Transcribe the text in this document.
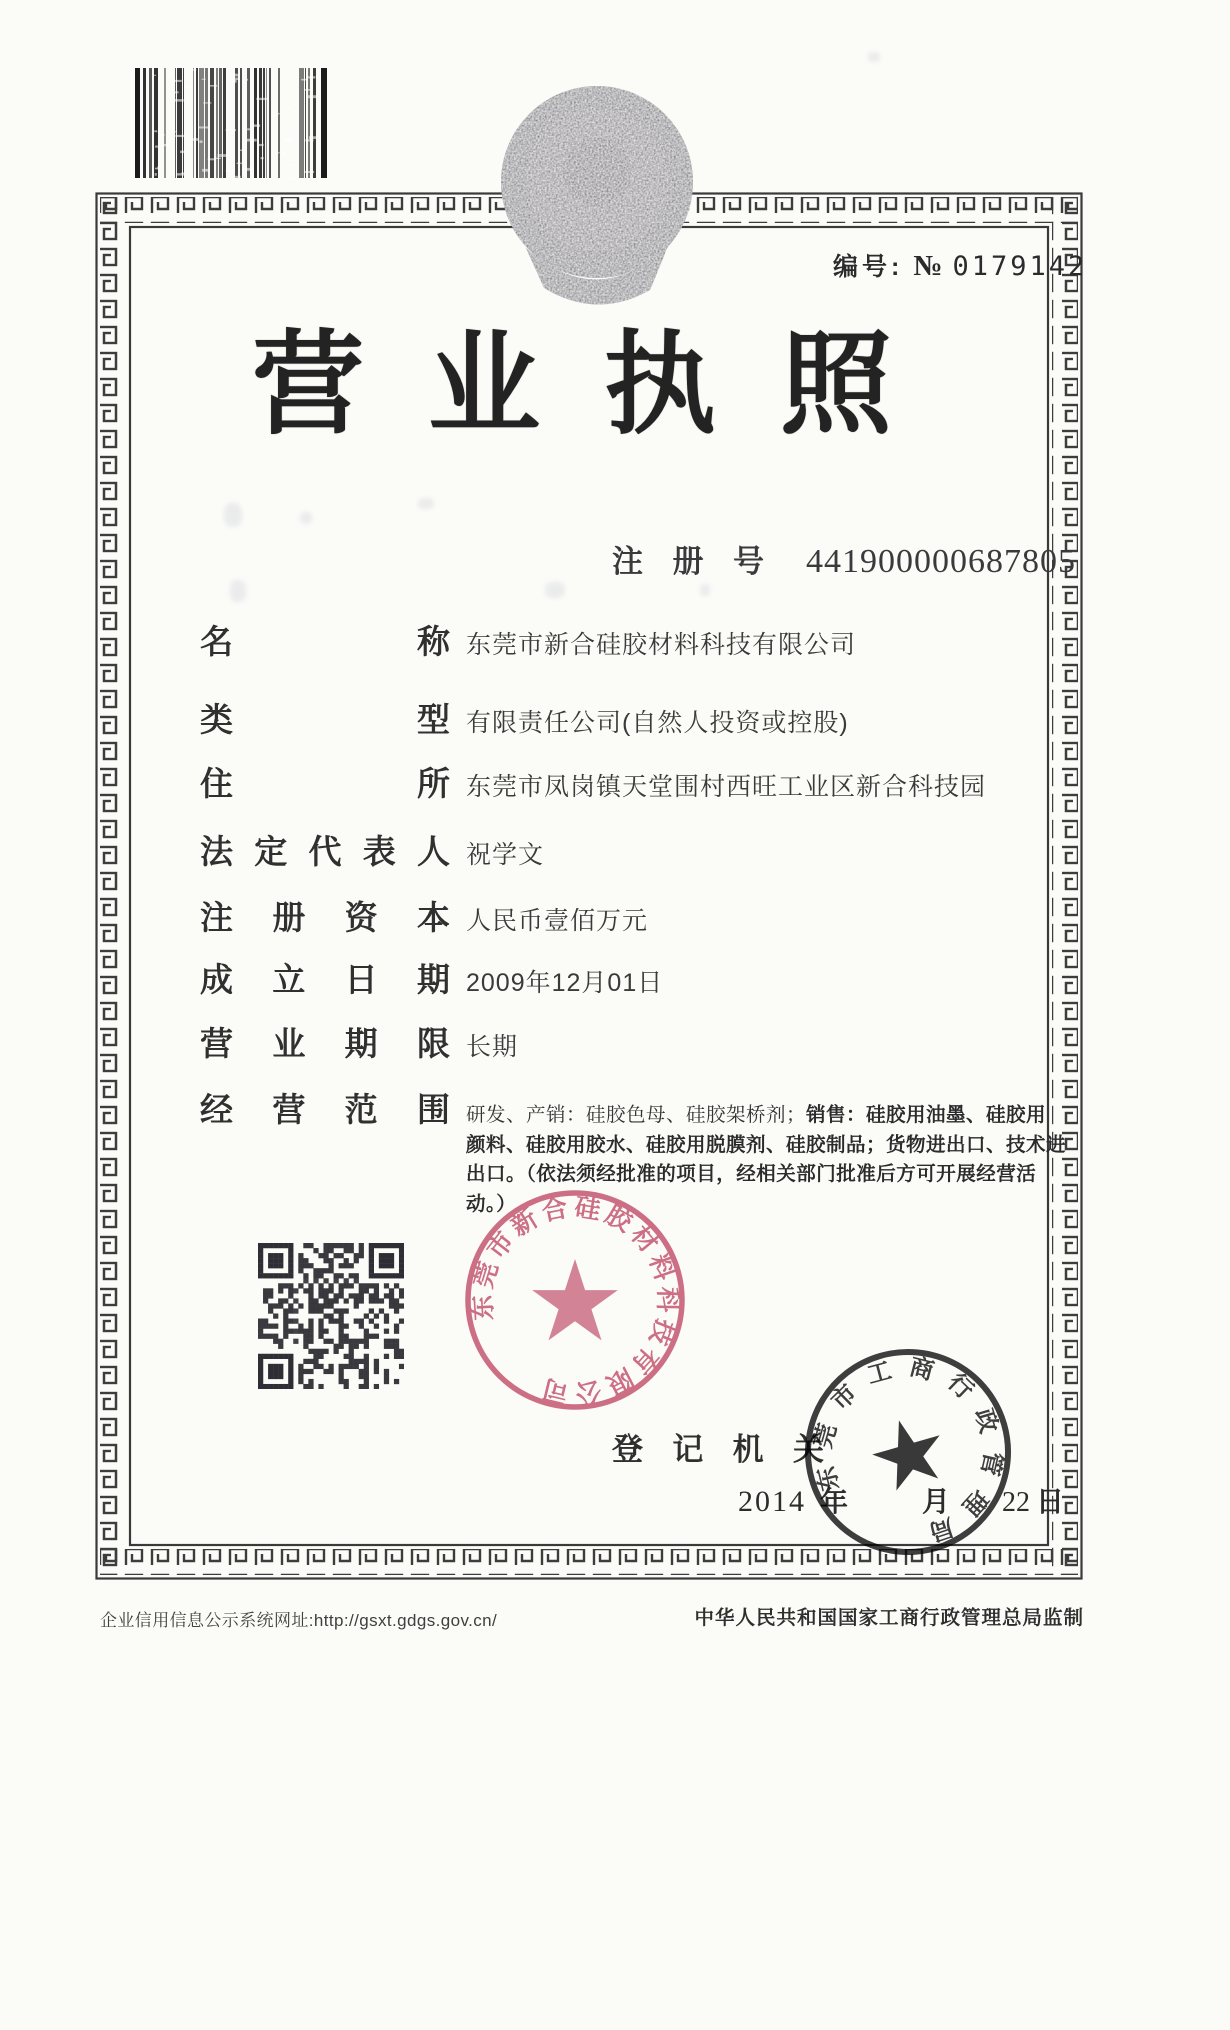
编号: № 0179142
营业执照
注 册 号 441900000687805
名	称 东莞市新合硅胶材料科技有限公司
类	型 有限责任公司(自然人投资或控股)
住	所 东莞市凤岗镇天堂围村西旺工业区新合科技园
法 定 代 表 人 祝学文
注 册 资 本 人民币壹佰万元
成 立 日 期 2009年12月01日
营 业 期 限 长期
经 营 范 围 研发、产销：硅胶色母、硅胶架桥剂；销售：硅胶用油墨、硅胶用颜料、硅胶用胶水、硅胶用脱膜剂、硅胶制品；货物进出口、技术进出口。（依法须经批准的项目，经相关部门批准后方可开展经营活动。）
东莞市新合硅胶材料科技有限公司
东莞市工商行政管理局
登 记 机 关
2014 年	月 22 日
企业信用信息公示系统网址:http://gsxt.gdgs.gov.cn/	中华人民共和国国家工商行政管理总局监制
